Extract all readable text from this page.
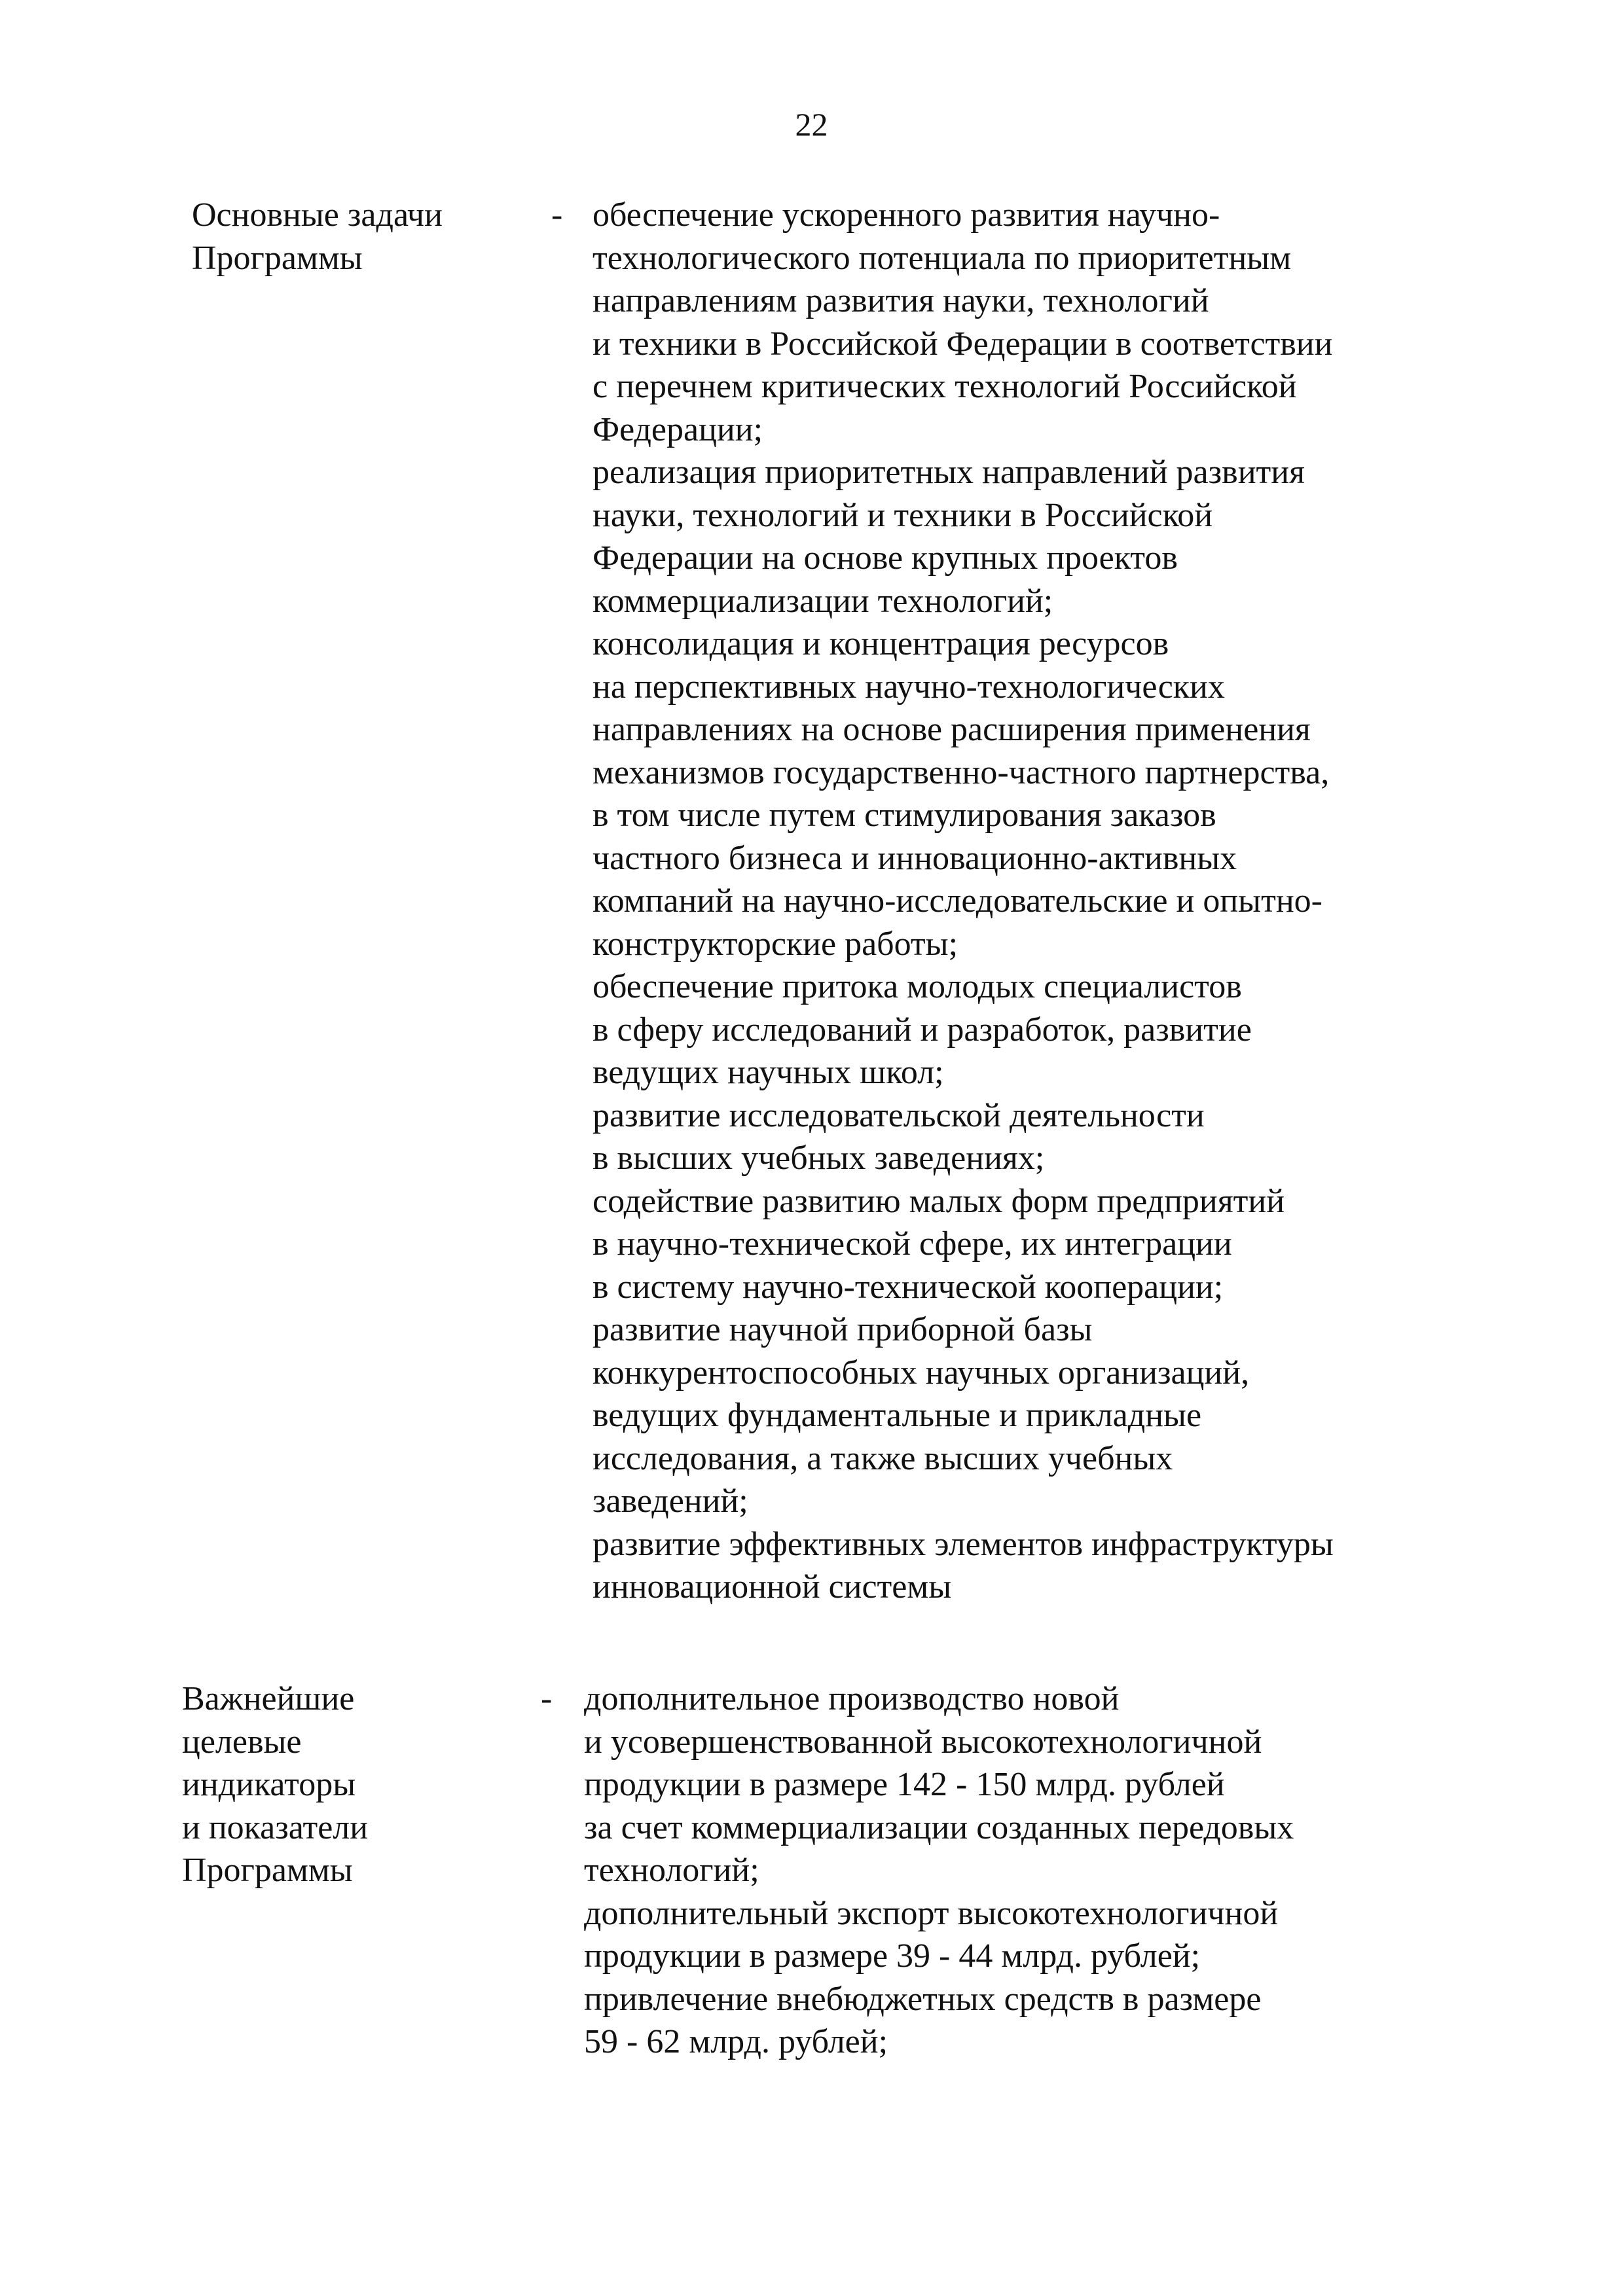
22
Основные задачи
Программы
- обеспечение ускоренного развития научно-
технологического потенциала по приоритетным
направлениям развития науки, технологий
и техники в Российской Федерации в соответствии
с перечнем критических технологий Российской
Федерации;
реализация приоритетных направлений развития
науки, технологий и техники в Российской
Федерации на основе крупных проектов
коммерциализации технологий;
консолидация и концентрация ресурсов
на перспективных научно-технологических
направлениях на основе расширения применения
механизмов государственно-частного партнерства,
в том числе путем стимулирования заказов
частного бизнеса и инновационно-активных
компаний на научно-исследовательские и опытно-
конструкторские работы;
обеспечение притока молодых специалистов
в сферу исследований и разработок, развитие
ведущих научных школ;
развитие исследовательской деятельности
в высших учебных заведениях;
содействие развитию малых форм предприятий
в научно-технической сфере, их интеграции
в систему научно-технической кооперации;
развитие научной приборной базы
конкурентоспособных научных организаций,
ведущих фундаментальные и прикладные
исследования, а также высших учебных
заведений;
развитие эффективных элементов инфраструктуры
инновационной системы
Важнейшие
целевые
индикаторы
и показатели
Программы
- дополнительное производство новой
и усовершенствованной высокотехнологичной
продукции в размере 142 - 150 млрд. рублей
за счет коммерциализации созданных передовых
технологий;
дополнительный экспорт высокотехнологичной
продукции в размере 39 - 44 млрд. рублей;
привлечение внебюджетных средств в размере
59 - 62 млрд. рублей;
